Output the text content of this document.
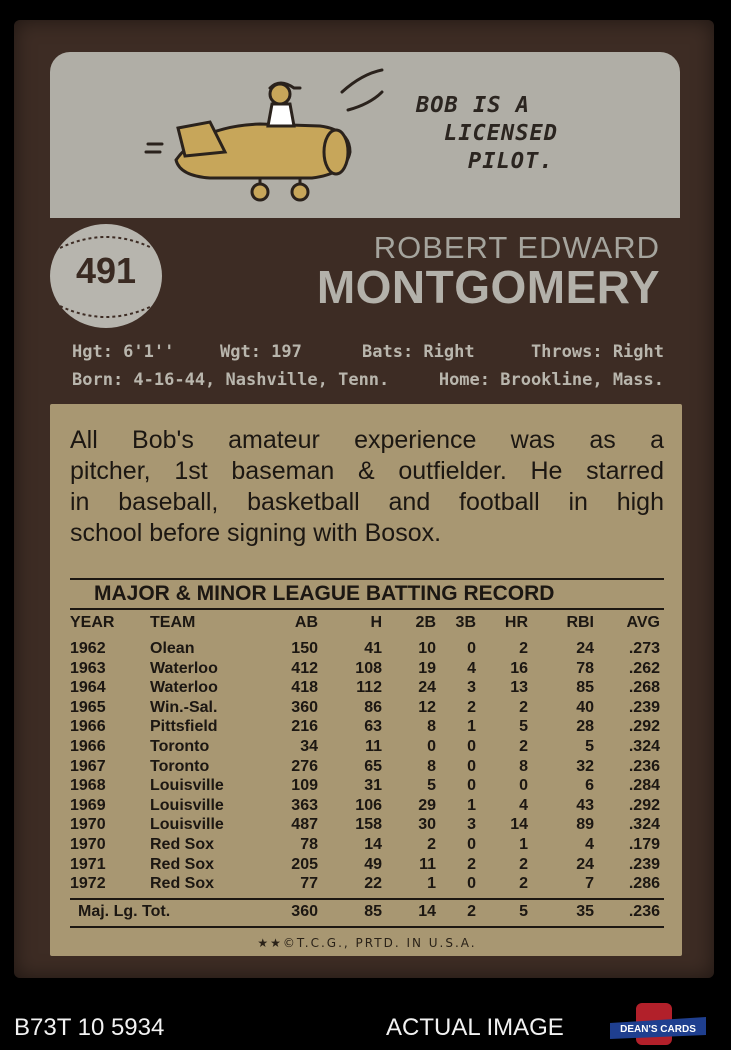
BOB IS A
LICENSED
PILOT.
491
ROBERT EDWARD
MONTGOMERY
Hgt: 6'1''	Wgt: 197	Bats: Right	Throws: Right
Born: 4-16-44, Nashville, Tenn.	Home: Brookline, Mass.
All Bob's amateur experience was as a
pitcher, 1st baseman & outfielder. He starred
in baseball, basketball and football in high
school before signing with Bosox.
MAJOR & MINOR LEAGUE BATTING RECORD
YEAR	TEAM	AB	H	2B	3B	HR	RBI	AVG
1962	Olean	150	41	10	0	2	24	.273
1963	Waterloo	412	108	19	4	16	78	.262
1964	Waterloo	418	112	24	3	13	85	.268
1965	Win.-Sal.	360	86	12	2	2	40	.239
1966	Pittsfield	216	63	8	1	5	28	.292
1966	Toronto	34	11	0	0	2	5	.324
1967	Toronto	276	65	8	0	8	32	.236
1968	Louisville	109	31	5	0	0	6	.284
1969	Louisville	363	106	29	1	4	43	.292
1970	Louisville	487	158	30	3	14	89	.324
1970	Red Sox	78	14	2	0	1	4	.179
1971	Red Sox	205	49	11	2	2	24	.239
1972	Red Sox	77	22	1	0	2	7	.286
Maj. Lg. Tot.	360	85	14	2	5	35	.236
★★©T.C.G., PRTD. IN U.S.A.
B73T 10 5934	ACTUAL IMAGE	DEAN'S CARDS
